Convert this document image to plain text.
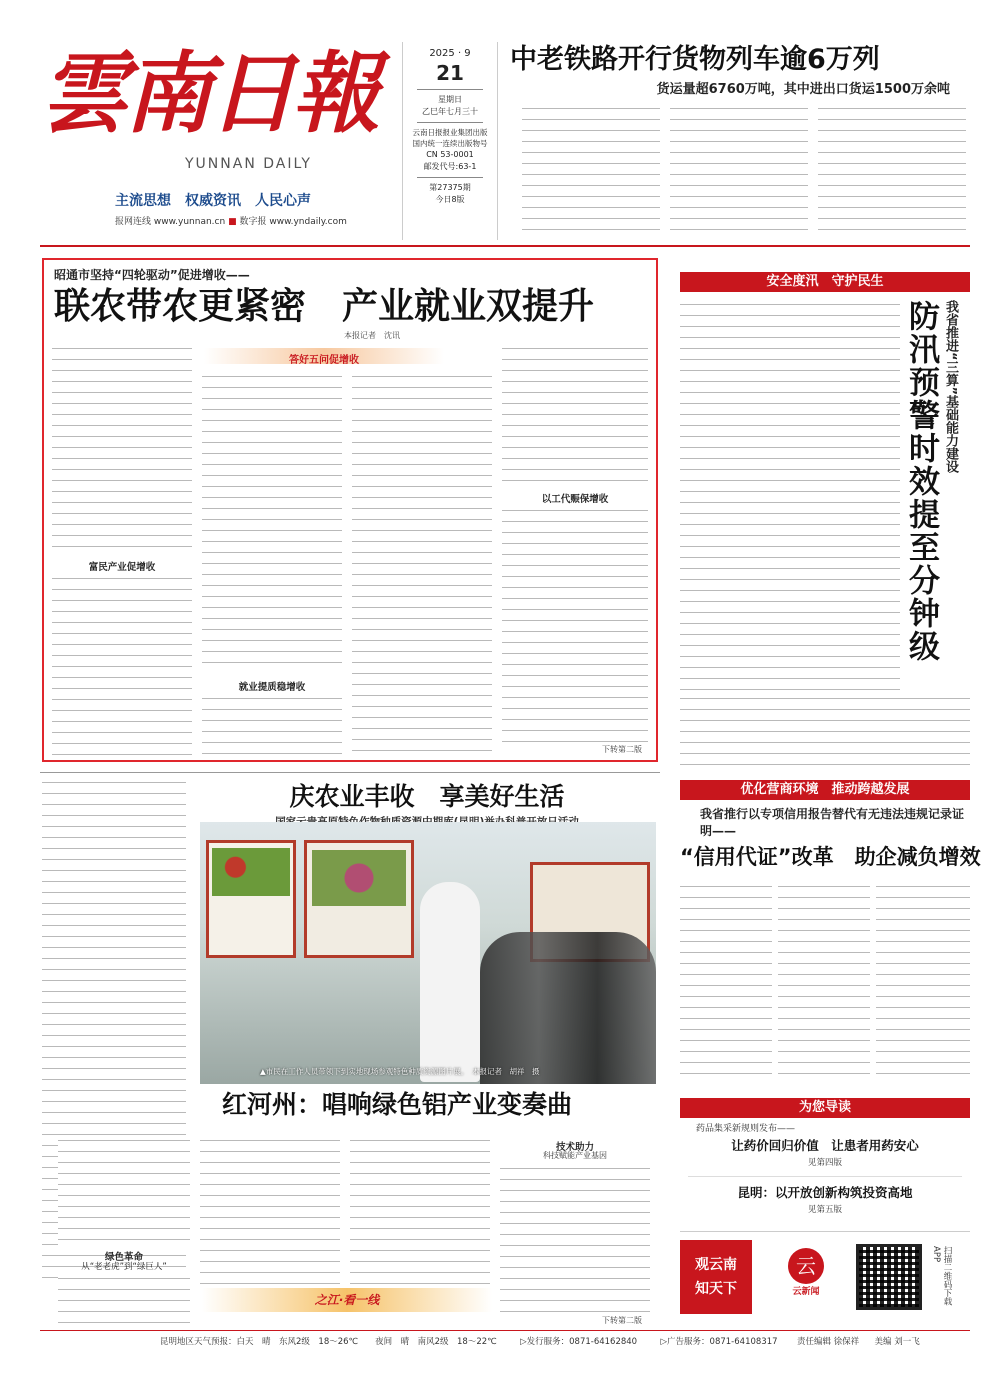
雲南日報
YUNNAN DAILY
主流思想　权威资讯　人民心声
报网连线 www.yunnan.cn ■ 数字报 www.yndaily.com
2025 · 9
21
星期日
乙巳年七月三十
云南日报报业集团出版
国内统一连续出版物号
CN 53-0001
邮发代号:63-1
第27375期
今日8版
中老铁路开行货物列车逾6万列
货运量超6760万吨，其中进出口货运1500万余吨
昭通市坚持“四轮驱动”促进增收——
联农带农更紧密　产业就业双提升
本报记者　沈讯
富民产业促增收
答好五问促增收
就业提质稳增收
以工代赈保增收
下转第二版
安全度汛　守护民生
我省推进“三算”基础能力建设
防汛预警时效提至分钟级
庆农业丰收　享美好生活
▲市民在工作人员带领下到实地现场参观特色种质资源图片展。　本报记者　胡祥　摄
优化营商环境　推动跨越发展
我省推行以专项信用报告替代有无违法违规记录证明——
“信用代证”改革　助企减负增效
红河州：唱响绿色铝产业变奏曲
绿色革命
从“老老虎”到“绿巨人”
技术助力
科技赋能产业基因
下转第二版
之江·看一线
为您导读
药品集采新规则发布——
让药价回归价值　让患者用药安心
见第四版
昆明：以开放创新构筑投资高地
见第五版
观云南
知天下
云
云新闻	扫描二维码下载APP
昆明地区天气预报：白天　晴　东风2级　18～26℃　　夜间　晴　南风2级　18～22℃	▷发行服务：0871-64162840	▷广告服务：0871-64108317 责任编辑 徐保祥 美编 刘一飞
